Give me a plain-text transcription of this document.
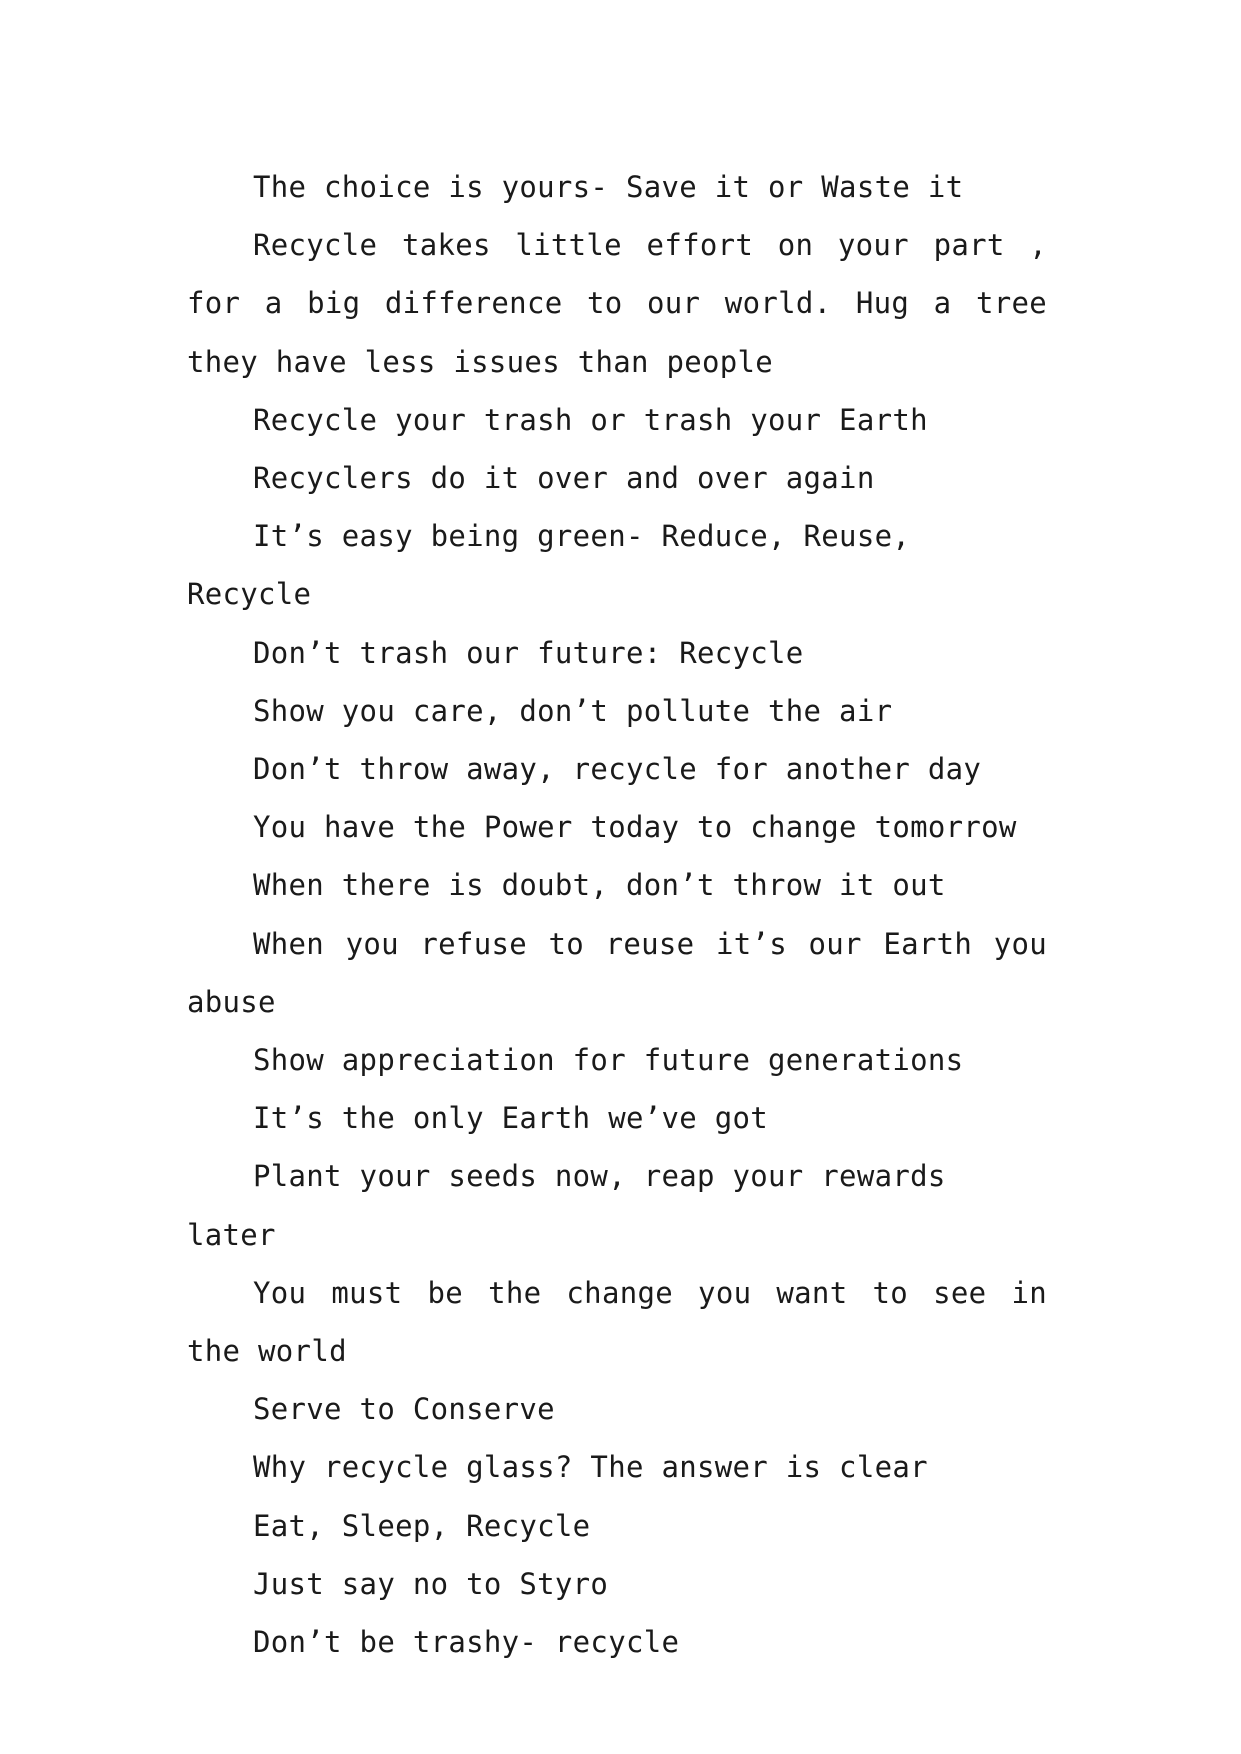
The choice is yours- Save it or Waste it

Recycle takes little effort on your part , for a big difference to our world. Hug a tree they have less issues than people

Recycle your trash or trash your Earth

Recyclers do it over and over again

It’s easy being green- Reduce, Reuse, Recycle

Don’t trash our future: Recycle

Show you care, don’t pollute the air

Don’t throw away, recycle for another day

You have the Power today to change tomorrow

When there is doubt, don’t throw it out

When you refuse to reuse it’s our Earth you abuse

Show appreciation for future generations

It’s the only Earth we’ve got

Plant your seeds now, reap your rewards later

You must be the change you want to see in the world

Serve to Conserve

Why recycle glass? The answer is clear

Eat, Sleep, Recycle

Just say no to Styro

Don’t be trashy- recycle
